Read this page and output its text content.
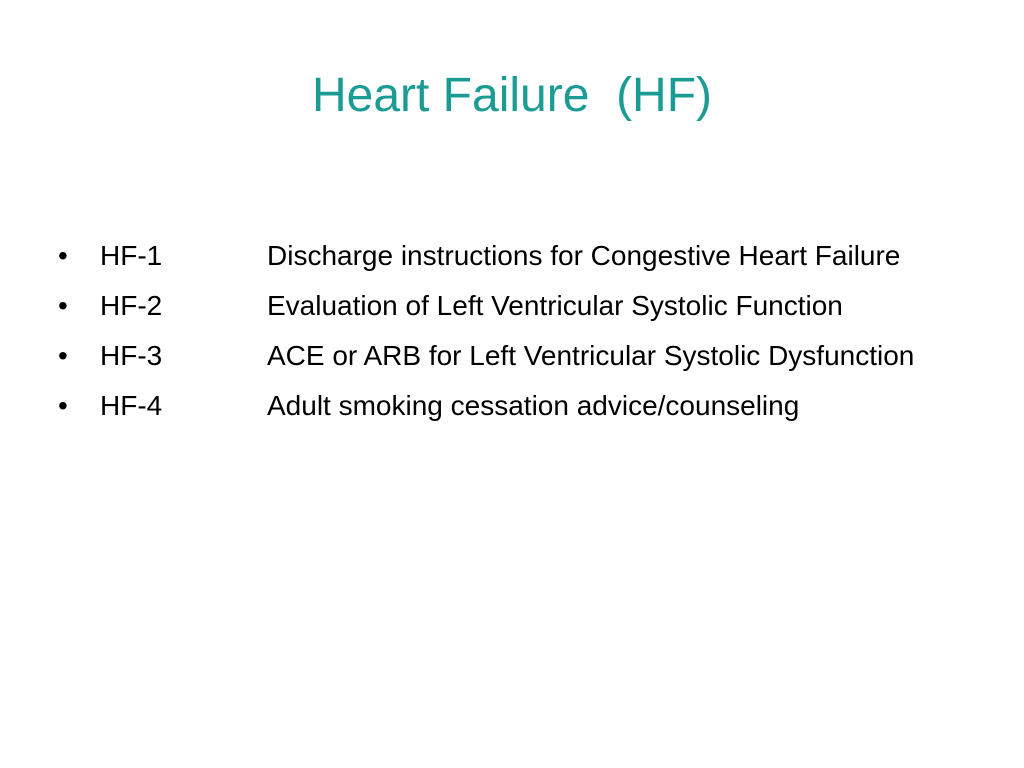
Heart Failure  (HF)
•	HF-1	Discharge instructions for Congestive Heart Failure
•	HF-2	Evaluation of Left Ventricular Systolic Function
•	HF-3	ACE or ARB for Left Ventricular Systolic Dysfunction
•	HF-4	Adult smoking cessation advice/counseling
